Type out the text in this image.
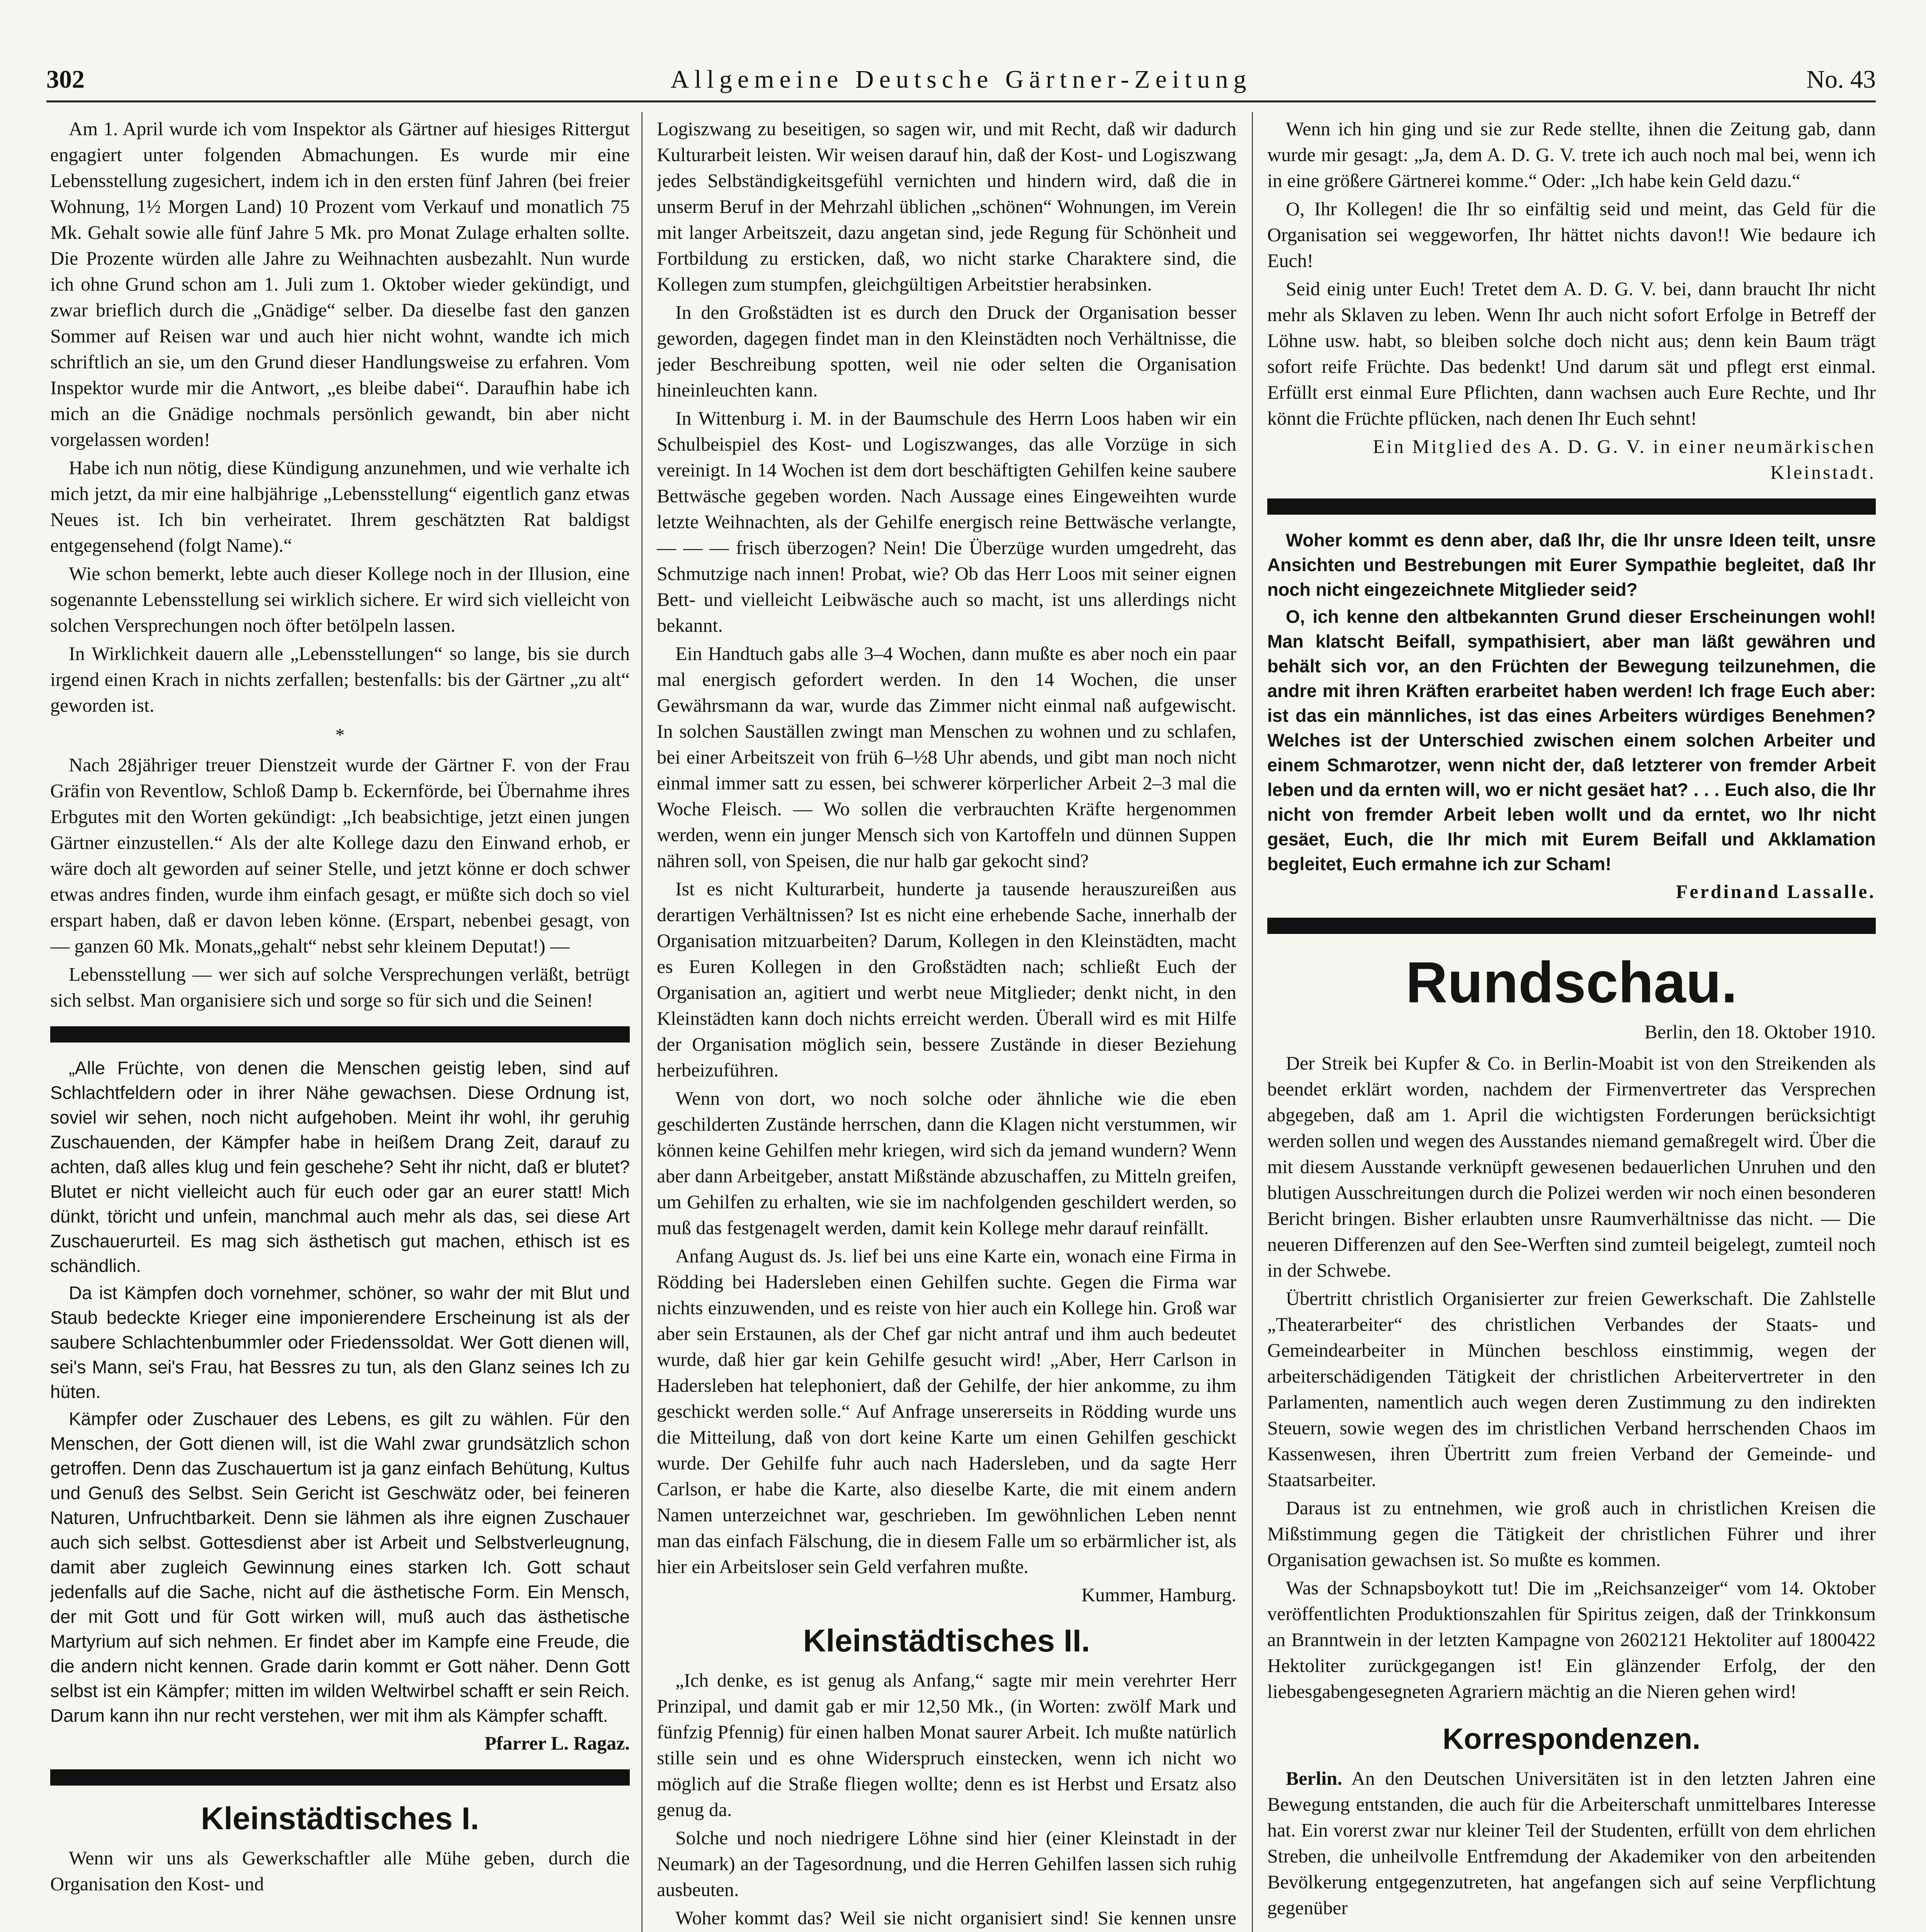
302	Allgemeine Deutsche Gärtner-Zeitung	No. 43

Am 1. April wurde ich vom Inspektor als Gärtner auf hiesiges Rittergut engagiert unter folgenden Abmachungen. Es wurde mir eine Lebensstellung zugesichert, indem ich in den ersten fünf Jahren (bei freier Wohnung, 1½ Morgen Land) 10 Prozent vom Verkauf und monatlich 75 Mk. Gehalt sowie alle fünf Jahre 5 Mk. pro Monat Zulage erhalten sollte. Die Prozente würden alle Jahre zu Weihnachten ausbezahlt. Nun wurde ich ohne Grund schon am 1. Juli zum 1. Oktober wieder gekündigt, und zwar brieflich durch die „Gnädige“ selber. Da dieselbe fast den ganzen Sommer auf Reisen war und auch hier nicht wohnt, wandte ich mich schriftlich an sie, um den Grund dieser Handlungsweise zu erfahren. Vom Inspektor wurde mir die Antwort, „es bleibe dabei“. Daraufhin habe ich mich an die Gnädige nochmals persönlich gewandt, bin aber nicht vorgelassen worden!

Habe ich nun nötig, diese Kündigung anzunehmen, und wie verhalte ich mich jetzt, da mir eine halbjährige „Lebensstellung“ eigentlich ganz etwas Neues ist. Ich bin verheiratet. Ihrem geschätzten Rat baldigst entgegensehend (folgt Name).“

Wie schon bemerkt, lebte auch dieser Kollege noch in der Illusion, eine sogenannte Lebensstellung sei wirklich sichere. Er wird sich vielleicht von solchen Versprechungen noch öfter betölpeln lassen.

In Wirklichkeit dauern alle „Lebensstellungen“ so lange, bis sie durch irgend einen Krach in nichts zerfallen; bestenfalls: bis der Gärtner „zu alt“ geworden ist.

*

Nach 28jähriger treuer Dienstzeit wurde der Gärtner F. von der Frau Gräfin von Reventlow, Schloß Damp b. Eckernförde, bei Übernahme ihres Erbgutes mit den Worten gekündigt: „Ich beabsichtige, jetzt einen jungen Gärtner einzustellen.“ Als der alte Kollege dazu den Einwand erhob, er wäre doch alt geworden auf seiner Stelle, und jetzt könne er doch schwer etwas andres finden, wurde ihm einfach gesagt, er müßte sich doch so viel erspart haben, daß er davon leben könne. (Erspart, nebenbei gesagt, von — ganzen 60 Mk. Monats„gehalt“ nebst sehr kleinem Deputat!) —

Lebensstellung — wer sich auf solche Versprechungen verläßt, betrügt sich selbst. Man organisiere sich und sorge so für sich und die Seinen!

„Alle Früchte, von denen die Menschen geistig leben, sind auf Schlachtfeldern oder in ihrer Nähe gewachsen. Diese Ordnung ist, soviel wir sehen, noch nicht aufgehoben. Meint ihr wohl, ihr geruhig Zuschauenden, der Kämpfer habe in heißem Drang Zeit, darauf zu achten, daß alles klug und fein geschehe? Seht ihr nicht, daß er blutet? Blutet er nicht vielleicht auch für euch oder gar an eurer statt! Mich dünkt, töricht und unfein, manchmal auch mehr als das, sei diese Art Zuschauerurteil. Es mag sich ästhetisch gut machen, ethisch ist es schändlich.

Da ist Kämpfen doch vornehmer, schöner, so wahr der mit Blut und Staub bedeckte Krieger eine imponierendere Erscheinung ist als der saubere Schlachtenbummler oder Friedenssoldat. Wer Gott dienen will, sei's Mann, sei's Frau, hat Bessres zu tun, als den Glanz seines Ich zu hüten.

Kämpfer oder Zuschauer des Lebens, es gilt zu wählen. Für den Menschen, der Gott dienen will, ist die Wahl zwar grundsätzlich schon getroffen. Denn das Zuschauertum ist ja ganz einfach Behütung, Kultus und Genuß des Selbst. Sein Gericht ist Geschwätz oder, bei feineren Naturen, Unfruchtbarkeit. Denn sie lähmen als ihre eignen Zuschauer auch sich selbst. Gottesdienst aber ist Arbeit und Selbstverleugnung, damit aber zugleich Gewinnung eines starken Ich. Gott schaut jedenfalls auf die Sache, nicht auf die ästhetische Form. Ein Mensch, der mit Gott und für Gott wirken will, muß auch das ästhetische Martyrium auf sich nehmen. Er findet aber im Kampfe eine Freude, die die andern nicht kennen. Grade darin kommt er Gott näher. Denn Gott selbst ist ein Kämpfer; mitten im wilden Weltwirbel schafft er sein Reich. Darum kann ihn nur recht verstehen, wer mit ihm als Kämpfer schafft.

Pfarrer L. Ragaz.
Kleinstädtisches I.

Wenn wir uns als Gewerkschaftler alle Mühe geben, durch die Organisation den Kost- und

Logiszwang zu beseitigen, so sagen wir, und mit Recht, daß wir dadurch Kulturarbeit leisten. Wir weisen darauf hin, daß der Kost- und Logiszwang jedes Selbständigkeitsgefühl vernichten und hindern wird, daß die in unserm Beruf in der Mehrzahl üblichen „schönen“ Wohnungen, im Verein mit langer Arbeitszeit, dazu angetan sind, jede Regung für Schönheit und Fortbildung zu ersticken, daß, wo nicht starke Charaktere sind, die Kollegen zum stumpfen, gleichgültigen Arbeitstier herabsinken.

In den Großstädten ist es durch den Druck der Organisation besser geworden, dagegen findet man in den Kleinstädten noch Verhältnisse, die jeder Beschreibung spotten, weil nie oder selten die Organisation hineinleuchten kann.

In Wittenburg i. M. in der Baumschule des Herrn Loos haben wir ein Schulbeispiel des Kost- und Logiszwanges, das alle Vorzüge in sich vereinigt. In 14 Wochen ist dem dort beschäftigten Gehilfen keine saubere Bettwäsche gegeben worden. Nach Aussage eines Eingeweihten wurde letzte Weihnachten, als der Gehilfe energisch reine Bettwäsche verlangte, — — — frisch überzogen? Nein! Die Überzüge wurden umgedreht, das Schmutzige nach innen! Probat, wie? Ob das Herr Loos mit seiner eignen Bett- und vielleicht Leibwäsche auch so macht, ist uns allerdings nicht bekannt.

Ein Handtuch gabs alle 3–4 Wochen, dann mußte es aber noch ein paar mal energisch gefordert werden. In den 14 Wochen, die unser Gewährsmann da war, wurde das Zimmer nicht einmal naß aufgewischt. In solchen Sauställen zwingt man Menschen zu wohnen und zu schlafen, bei einer Arbeitszeit von früh 6–½8 Uhr abends, und gibt man noch nicht einmal immer satt zu essen, bei schwerer körperlicher Arbeit 2–3 mal die Woche Fleisch. — Wo sollen die verbrauchten Kräfte hergenommen werden, wenn ein junger Mensch sich von Kartoffeln und dünnen Suppen nähren soll, von Speisen, die nur halb gar gekocht sind?

Ist es nicht Kulturarbeit, hunderte ja tausende herauszureißen aus derartigen Verhältnissen? Ist es nicht eine erhebende Sache, innerhalb der Organisation mitzuarbeiten? Darum, Kollegen in den Kleinstädten, macht es Euren Kollegen in den Großstädten nach; schließt Euch der Organisation an, agitiert und werbt neue Mitglieder; denkt nicht, in den Kleinstädten kann doch nichts erreicht werden. Überall wird es mit Hilfe der Organisation möglich sein, bessere Zustände in dieser Beziehung herbeizuführen.

Wenn von dort, wo noch solche oder ähnliche wie die eben geschilderten Zustände herrschen, dann die Klagen nicht verstummen, wir können keine Gehilfen mehr kriegen, wird sich da jemand wundern? Wenn aber dann Arbeitgeber, anstatt Mißstände abzuschaffen, zu Mitteln greifen, um Gehilfen zu erhalten, wie sie im nachfolgenden geschildert werden, so muß das festgenagelt werden, damit kein Kollege mehr darauf reinfällt.

Anfang August ds. Js. lief bei uns eine Karte ein, wonach eine Firma in Rödding bei Hadersleben einen Gehilfen suchte. Gegen die Firma war nichts einzuwenden, und es reiste von hier auch ein Kollege hin. Groß war aber sein Erstaunen, als der Chef gar nicht antraf und ihm auch bedeutet wurde, daß hier gar kein Gehilfe gesucht wird! „Aber, Herr Carlson in Hadersleben hat telephoniert, daß der Gehilfe, der hier ankomme, zu ihm geschickt werden solle.“ Auf Anfrage unsererseits in Rödding wurde uns die Mitteilung, daß von dort keine Karte um einen Gehilfen geschickt wurde. Der Gehilfe fuhr auch nach Hadersleben, und da sagte Herr Carlson, er habe die Karte, also dieselbe Karte, die mit einem andern Namen unterzeichnet war, geschrieben. Im gewöhnlichen Leben nennt man das einfach Fälschung, die in diesem Falle um so erbärmlicher ist, als hier ein Arbeitsloser sein Geld verfahren mußte.

Kummer, Hamburg.
Kleinstädtisches II.

„Ich denke, es ist genug als Anfang,“ sagte mir mein verehrter Herr Prinzipal, und damit gab er mir 12,50 Mk., (in Worten: zwölf Mark und fünfzig Pfennig) für einen halben Monat saurer Arbeit. Ich mußte natürlich stille sein und es ohne Widerspruch einstecken, wenn ich nicht wo möglich auf die Straße fliegen wollte; denn es ist Herbst und Ersatz also genug da.

Solche und noch niedrigere Löhne sind hier (einer Kleinstadt in der Neumark) an der Tagesordnung, und die Herren Gehilfen lassen sich ruhig ausbeuten.

Woher kommt das? Weil sie nicht organisiert sind! Sie kennen unsre

Wenn ich hin ging und sie zur Rede stellte, ihnen die Zeitung gab, dann wurde mir gesagt: „Ja, dem A. D. G. V. trete ich auch noch mal bei, wenn ich in eine größere Gärtnerei komme.“ Oder: „Ich habe kein Geld dazu.“

O, Ihr Kollegen! die Ihr so einfältig seid und meint, das Geld für die Organisation sei weggeworfen, Ihr hättet nichts davon!! Wie bedaure ich Euch!

Seid einig unter Euch! Tretet dem A. D. G. V. bei, dann braucht Ihr nicht mehr als Sklaven zu leben. Wenn Ihr auch nicht sofort Erfolge in Betreff der Löhne usw. habt, so bleiben solche doch nicht aus; denn kein Baum trägt sofort reife Früchte. Das bedenkt! Und darum sät und pflegt erst einmal. Erfüllt erst einmal Eure Pflichten, dann wachsen auch Eure Rechte, und Ihr könnt die Früchte pflücken, nach denen Ihr Euch sehnt!

Ein Mitglied des A. D. G. V. in einer neumärkischen Kleinstadt.

Woher kommt es denn aber, daß Ihr, die Ihr unsre Ideen teilt, unsre Ansichten und Bestrebungen mit Eurer Sympathie begleitet, daß Ihr noch nicht eingezeichnete Mitglieder seid?

O, ich kenne den altbekannten Grund dieser Erscheinungen wohl! Man klatscht Beifall, sympathisiert, aber man läßt gewähren und behält sich vor, an den Früchten der Bewegung teilzunehmen, die andre mit ihren Kräften erarbeitet haben werden! Ich frage Euch aber: ist das ein männliches, ist das eines Arbeiters würdiges Benehmen? Welches ist der Unterschied zwischen einem solchen Arbeiter und einem Schmarotzer, wenn nicht der, daß letzterer von fremder Arbeit leben und da ernten will, wo er nicht gesäet hat? . . . Euch also, die Ihr nicht von fremder Arbeit leben wollt und da erntet, wo Ihr nicht gesäet, Euch, die Ihr mich mit Eurem Beifall und Akklamation begleitet, Euch ermahne ich zur Scham!

Ferdinand Lassalle.
Rundschau.
Berlin, den 18. Oktober 1910.

Der Streik bei Kupfer & Co. in Berlin-Moabit ist von den Streikenden als beendet erklärt worden, nachdem der Firmenvertreter das Versprechen abgegeben, daß am 1. April die wichtigsten Forderungen berücksichtigt werden sollen und wegen des Ausstandes niemand gemaßregelt wird. Über die mit diesem Ausstande verknüpft gewesenen bedauerlichen Unruhen und den blutigen Ausschreitungen durch die Polizei werden wir noch einen besonderen Bericht bringen. Bisher erlaubten unsre Raumverhältnisse das nicht. — Die neueren Differenzen auf den See-Werften sind zumteil beigelegt, zumteil noch in der Schwebe.

Übertritt christlich Organisierter zur freien Gewerkschaft. Die Zahlstelle „Theaterarbeiter“ des christlichen Verbandes der Staats- und Gemeindearbeiter in München beschloss einstimmig, wegen der arbeiterschädigenden Tätigkeit der christlichen Arbeitervertreter in den Parlamenten, namentlich auch wegen deren Zustimmung zu den indirekten Steuern, sowie wegen des im christlichen Verband herrschenden Chaos im Kassenwesen, ihren Übertritt zum freien Verband der Gemeinde- und Staatsarbeiter.

Daraus ist zu entnehmen, wie groß auch in christlichen Kreisen die Mißstimmung gegen die Tätigkeit der christlichen Führer und ihrer Organisation gewachsen ist. So mußte es kommen.

Was der Schnapsboykott tut! Die im „Reichsanzeiger“ vom 14. Oktober veröffentlichten Produktionszahlen für Spiritus zeigen, daß der Trinkkonsum an Branntwein in der letzten Kampagne von 2602121 Hektoliter auf 1800422 Hektoliter zurückgegangen ist! Ein glänzender Erfolg, der den liebesgabengesegneten Agrariern mächtig an die Nieren gehen wird!

Korrespondenzen.

Berlin. An den Deutschen Universitäten ist in den letzten Jahren eine Bewegung entstanden, die auch für die Arbeiterschaft unmittelbares Interesse hat. Ein vorerst zwar nur kleiner Teil der Studenten, erfüllt von dem ehrlichen Streben, die unheilvolle Entfremdung der Akademiker von den arbeitenden Bevölkerung entgegenzutreten, hat angefangen sich auf seine Verpflichtung gegenüber
